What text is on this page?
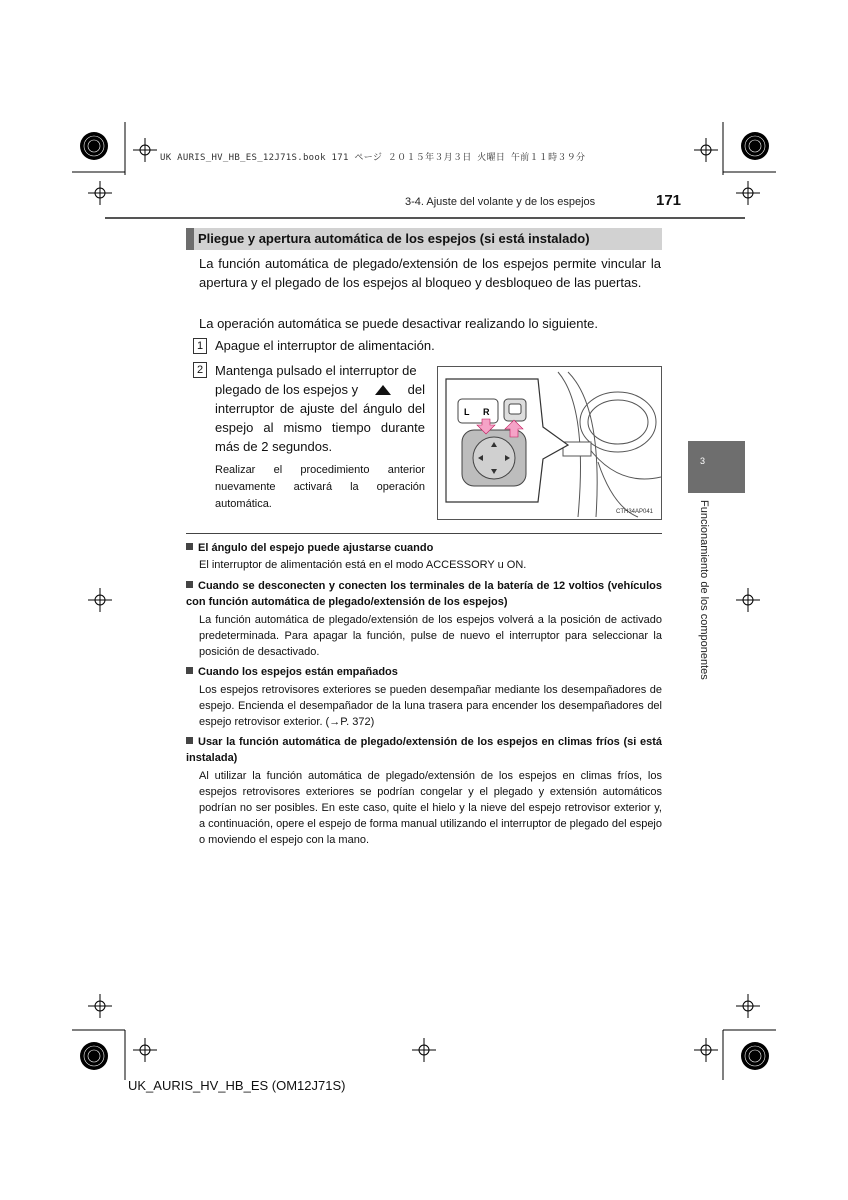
UK AURIS_HV_HB_ES_12J71S.book 171 ページ ２０１５年３月３日 火曜日 午前１１時３９分
3-4. Ajuste del volante y de los espejos	171
3
Funcionamiento de los componentes
Pliegue y apertura automática de los espejos (si está instalado)
La función automática de plegado/extensión de los espejos permite vincular la apertura y el plegado de los espejos al bloqueo y desbloqueo de las puertas.
La operación automática se puede desactivar realizando lo siguiente.
1 Apague el interruptor de alimentación.
2 Mantenga pulsado el interruptor de
plegado de los espejos y	del
interruptor de ajuste del ángulo del
espejo al mismo tiempo durante
más de 2 segundos.
Realizar el procedimiento anterior nuevamente activará la operación automática.
L R
CTH34AP041
El ángulo del espejo puede ajustarse cuando
El interruptor de alimentación está en el modo ACCESSORY u ON.
Cuando se desconecten y conecten los terminales de la batería de 12 voltios (vehículos con función automática de plegado/extensión de los espejos)
La función automática de plegado/extensión de los espejos volverá a la posición de activado predeterminada. Para apagar la función, pulse de nuevo el interruptor para seleccionar la posición de desactivado.
Cuando los espejos están empañados
Los espejos retrovisores exteriores se pueden desempañar mediante los desempañadores de espejo. Encienda el desempañador de la luna trasera para encender los desempañadores del espejo retrovisor exterior. (→P. 372)
Usar la función automática de plegado/extensión de los espejos en climas fríos (si está instalada)
Al utilizar la función automática de plegado/extensión de los espejos en climas fríos, los espejos retrovisores exteriores se podrían congelar y el plegado y extensión automáticos podrían no ser posibles. En este caso, quite el hielo y la nieve del espejo retrovisor exterior y, a continuación, opere el espejo de forma manual utilizando el interruptor de plegado del espejo o moviendo el espejo con la mano.
UK_AURIS_HV_HB_ES (OM12J71S)
